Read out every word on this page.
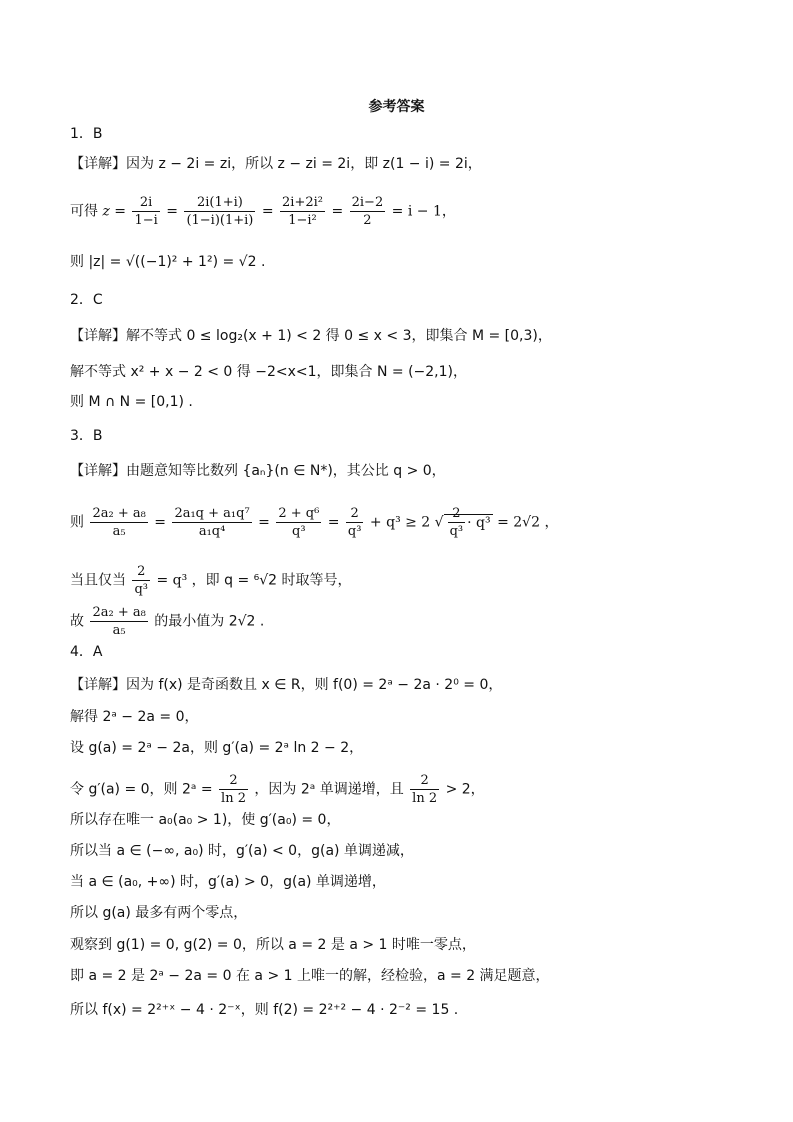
参考答案
1．B
【详解】因为 z − 2i = zi，所以 z − zi = 2i，即 z(1 − i) = 2i，
可得 $z = \frac{2i}{1-i} = \frac{2i(1+i)}{(1-i)(1+i)} = \frac{\text{2i+2i²}}{\text{1−i²}} = \frac{2i-2}{2} = i - 1$，
则 |z| = √((−1)² + 1²) = √2 .
2．C
【详解】解不等式 0 ≤ log₂(x + 1) < 2 得 0 ≤ x < 3，即集合 M = [0,3)，
解不等式 x² + x − 2 < 0 得 −2<x<1，即集合 N = (−2,1)，
则 M ∩ N = [0,1) .
3．B
【详解】由题意知等比数列 {aₙ}(n ∈ N*)，其公比 q > 0，
则 $\frac{\text{2a₂ + a₈}}{\text{a₅}} = \frac{\text{2a₁q + a₁q⁷}}{\text{a₁q⁴}} = \frac{\text{2 + q⁶}}{\text{q³}} = \frac{2}{\text{q³}} + q^3 \ge 2$ √ $\frac{2}{\text{q³}} \cdot q^3 = 2√2$ ，
当且仅当 $\frac{2}{\text{q³}} = q^3$ ，即 q = ⁶√2 时取等号，
故 $\frac{\text{2a₂ + a₈}}{\text{a₅}}$ 的最小值为 2√2 .
4．A
【详解】因为 f(x) 是奇函数且 x ∈ R，则 f(0) = 2ᵃ − 2a · 2⁰ = 0，
解得 2ᵃ − 2a = 0，
设 g(a) = 2ᵃ − 2a，则 g′(a) = 2ᵃ ln 2 − 2，
令 g′(a) = 0，则 2ᵃ = $\frac{2}{\ln 2}$ ，因为 2ᵃ 单调递增，且 $\frac{2}{\ln 2} > 2$，
所以存在唯一 a₀(a₀ > 1)，使 g′(a₀) = 0，
所以当 a ∈ (−∞, a₀) 时，g′(a) < 0，g(a) 单调递减，
当 a ∈ (a₀, +∞) 时，g′(a) > 0，g(a) 单调递增，
所以 g(a) 最多有两个零点，
观察到 g(1) = 0, g(2) = 0，所以 a = 2 是 a > 1 时唯一零点，
即 a = 2 是 2ᵃ − 2a = 0 在 a > 1 上唯一的解，经检验，a = 2 满足题意，
所以 f(x) = 2²⁺ˣ − 4 · 2⁻ˣ，则 f(2) = 2²⁺² − 4 · 2⁻² = 15 .
